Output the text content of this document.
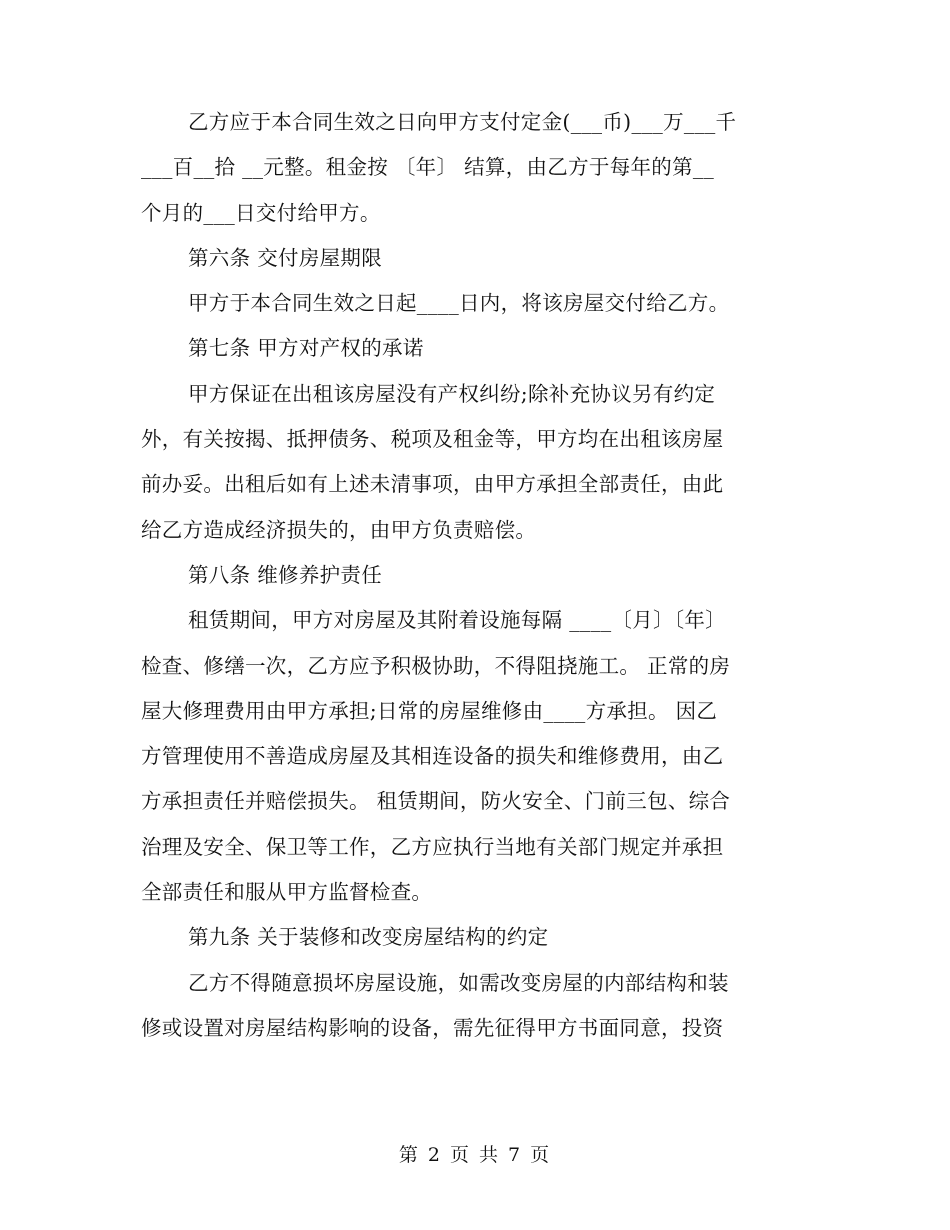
乙方应于本合同生效之日向甲方支付定金(___币)___万___千
___百__拾 __元整。租金按 〔年〕 结算，由乙方于每年的第__
个月的___日交付给甲方。
第六条 交付房屋期限
甲方于本合同生效之日起____日内，将该房屋交付给乙方。
第七条 甲方对产权的承诺
甲方保证在出租该房屋没有产权纠纷;除补充协议另有约定
外，有关按揭、抵押债务、税项及租金等，甲方均在出租该房屋
前办妥。出租后如有上述未清事项，由甲方承担全部责任，由此
给乙方造成经济损失的，由甲方负责赔偿。
第八条 维修养护责任
租赁期间，甲方对房屋及其附着设施每隔 ____〔月〕〔年〕
检查、修缮一次，乙方应予积极协助，不得阻挠施工。 正常的房
屋大修理费用由甲方承担;日常的房屋维修由____方承担。 因乙
方管理使用不善造成房屋及其相连设备的损失和维修费用，由乙
方承担责任并赔偿损失。 租赁期间，防火安全、门前三包、综合
治理及安全、保卫等工作，乙方应执行当地有关部门规定并承担
全部责任和服从甲方监督检查。
第九条 关于装修和改变房屋结构的约定
乙方不得随意损坏房屋设施，如需改变房屋的内部结构和装
修或设置对房屋结构影响的设备，需先征得甲方书面同意，投资
第 2 页 共 7 页
